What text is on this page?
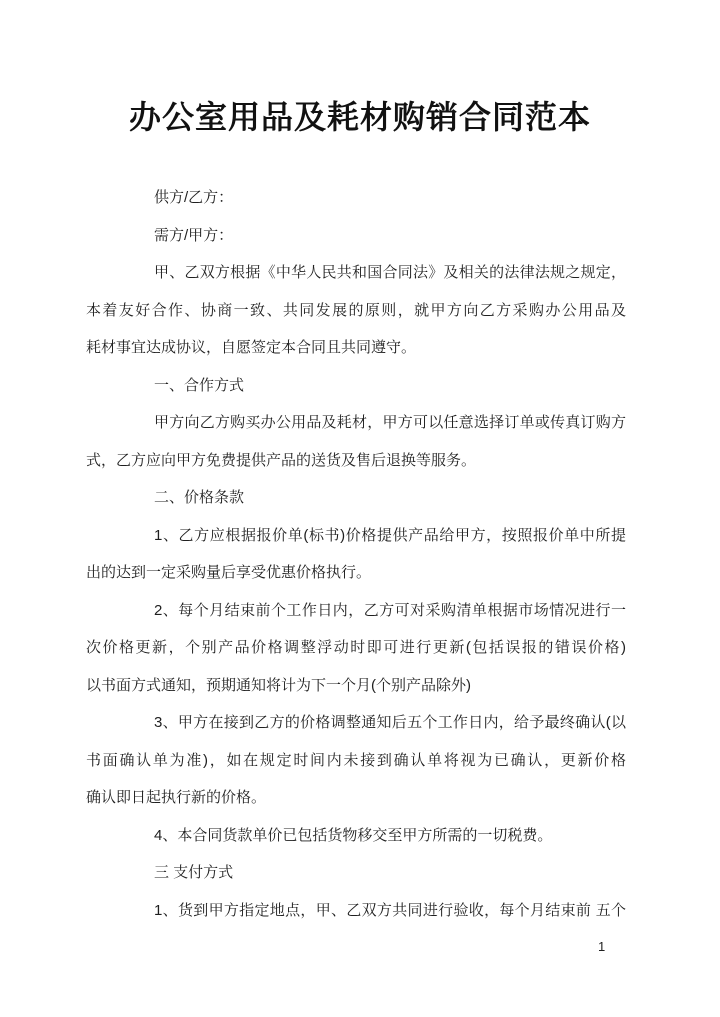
办公室用品及耗材购销合同范本
供方/乙方：
需方/甲方：
甲、乙双方根据《中华人民共和国合同法》及相关的法律法规之规定，
本着友好合作、协商一致、共同发展的原则，就甲方向乙方采购办公用品及
耗材事宜达成协议，自愿签定本合同且共同遵守。
一、合作方式
甲方向乙方购买办公用品及耗材，甲方可以任意选择订单或传真订购方
式，乙方应向甲方免费提供产品的送货及售后退换等服务。
二、价格条款
1、乙方应根据报价单(标书)价格提供产品给甲方，按照报价单中所提
出的达到一定采购量后享受优惠价格执行。
2、每个月结束前个工作日内，乙方可对采购清单根据市场情况进行一
次价格更新，个别产品价格调整浮动时即可进行更新(包括误报的错误价格)
以书面方式通知，预期通知将计为下一个月(个别产品除外)
3、甲方在接到乙方的价格调整通知后五个工作日内，给予最终确认(以
书面确认单为准)，如在规定时间内未接到确认单将视为已确认，更新价格
确认即日起执行新的价格。
4、本合同货款单价已包括货物移交至甲方所需的一切税费。
三 支付方式
1、货到甲方指定地点，甲、乙双方共同进行验收，每个月结束前 五个
1
